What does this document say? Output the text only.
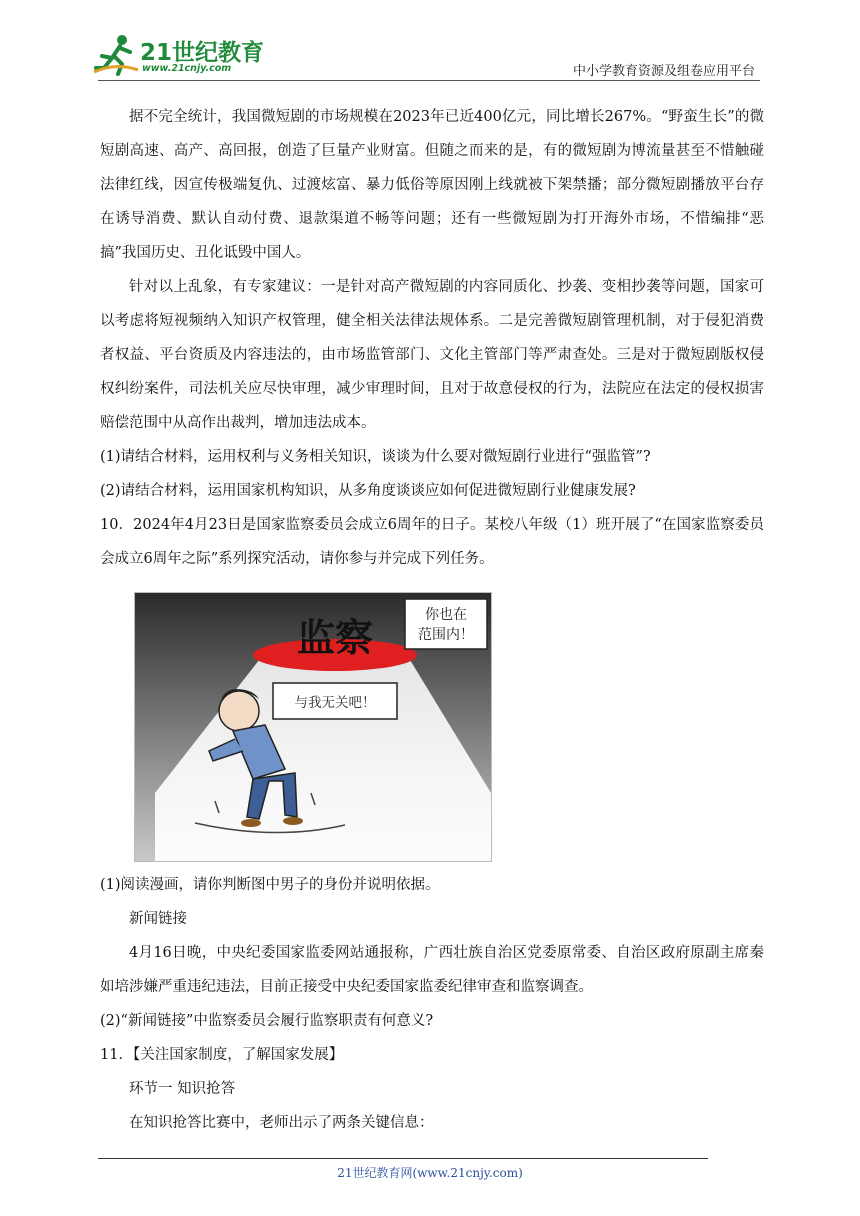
21世纪教育
www.21cnjy.com	中小学教育资源及组卷应用平台

据不完全统计，我国微短剧的市场规模在2023年已近400亿元，同比增长267%。“野蛮生长”的微短剧高速、高产、高回报，创造了巨量产业财富。但随之而来的是，有的微短剧为博流量甚至不惜触碰法律红线，因宣传极端复仇、过渡炫富、暴力低俗等原因刚上线就被下架禁播；部分微短剧播放平台存在诱导消费、默认自动付费、退款渠道不畅等问题；还有一些微短剧为打开海外市场，不惜编排“恶搞”我国历史、丑化诋毁中国人。

针对以上乱象，有专家建议：一是针对高产微短剧的内容同质化、抄袭、变相抄袭等问题，国家可以考虑将短视频纳入知识产权管理，健全相关法律法规体系。二是完善微短剧管理机制，对于侵犯消费者权益、平台资质及内容违法的，由市场监管部门、文化主管部门等严肃查处。三是对于微短剧版权侵权纠纷案件，司法机关应尽快审理，减少审理时间，且对于故意侵权的行为，法院应在法定的侵权损害赔偿范围中从高作出裁判，增加违法成本。

(1)请结合材料，运用权利与义务相关知识，谈谈为什么要对微短剧行业进行“强监管”?

(2)请结合材料，运用国家机构知识，从多角度谈谈应如何促进微短剧行业健康发展?

10．2024年4月23日是国家监察委员会成立6周年的日子。某校八年级（1）班开展了“在国家监察委员会成立6周年之际”系列探究活动，请你参与并完成下列任务。

监察
你也在
范围内！
与我无关吧！

(1)阅读漫画，请你判断图中男子的身份并说明依据。

新闻链接

4月16日晚，中央纪委国家监委网站通报称，广西壮族自治区党委原常委、自治区政府原副主席秦如培涉嫌严重违纪违法，目前正接受中央纪委国家监委纪律审查和监察调查。

(2)“新闻链接”中监察委员会履行监察职责有何意义?

11．【关注国家制度，了解国家发展】

环节一 知识抢答

在知识抢答比赛中，老师出示了两条关键信息：

21世纪教育网(www.21cnjy.com)
